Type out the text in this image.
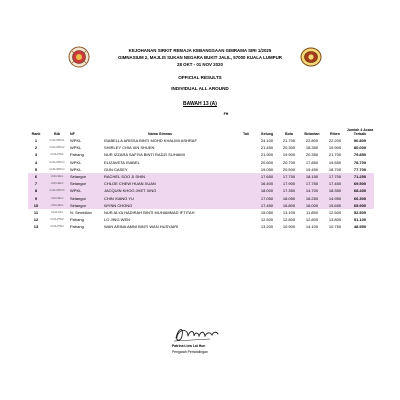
KEJOHANAN SIRKIT REMAJA KEBANGSAAN GIMRAMA SIRI 1/2025
GIMNASIUM 2, MAJLIS SUKAN NEGARA BUKIT JALIL, 57000 KUALA LUMPUR
28 OKT - 01 NOV 2020
OFFICIAL RESULTS
INDIVIDUAL ALL AROUND
BAWAH 13 (A)
Rank	Bib	NF	Nama Gimnas	FH	Tali	Gelung	Bola	Belantan	Riben	Jumlah 4 Acara Terbaik
1	U13A-WPKL1	WPKL	ISABELLA ARISSA BINTI MOHD KHALIMI ASHRAF			24.100	21.700	22.800	22.200	90.800
2	U13A-WPKL2	WPKL	SHIRLEY CHIA XIN SHUEN			21.450	20.300	18.350	19.900	80.000
3	U13A-PHG1	Pahang	NUR IZZARA SAFIYA BINTI RADZI SUHAIMI			21.900	19.900	20.350	21.700	79.850
4	U13A-WPKL3	WPKL	ELIZAVETA ISABEL			20.600	20.700	17.850	19.550	78.700
5	U13A-WPKL4	WPKL	GUN CASEY			19.050	20.500	19.450	18.700	77.700
6	U13A-SEL1	Selangor	RACHEL SOO JI SHIN			17.650	17.750	18.150	17.700	71.250
7	U13A-SEL2	Selangor	CHLOE CHEW HUAN XUAN			16.400	17.900	17.750	17.450	69.500
8	U13A-WPKL5	WPKL	JACQUIN KHOO JHET XING			18.000	17.350	14.700	18.350	68.400
9	U13A-SEL3	Selangor	CHIN XIANG YU			17.050	18.050	16.250	14.950	66.300
10	U13A-SEL4	Selangor	WYNN CHONG			17.450	16.800	16.000	15.650	65.900
11	U13A-NS1	N. Sembilan	NUR ALYA HADIRAH BINTI MUHAMMAD IFTITAH			15.050	13.100	11.850	12.500	52.500
12	U13A-PHG2	Pahang	LO JING WEN			12.500	12.800	12.800	13.800	51.100
13	U13A-PHG3	Pahang	WAN ARINA AMNI BINTI WAN HUSYAIRI			13.200	10.900	14.100	10.750	48.950
Patrina Liew Lai Hun
Pengarah Pertandingan
